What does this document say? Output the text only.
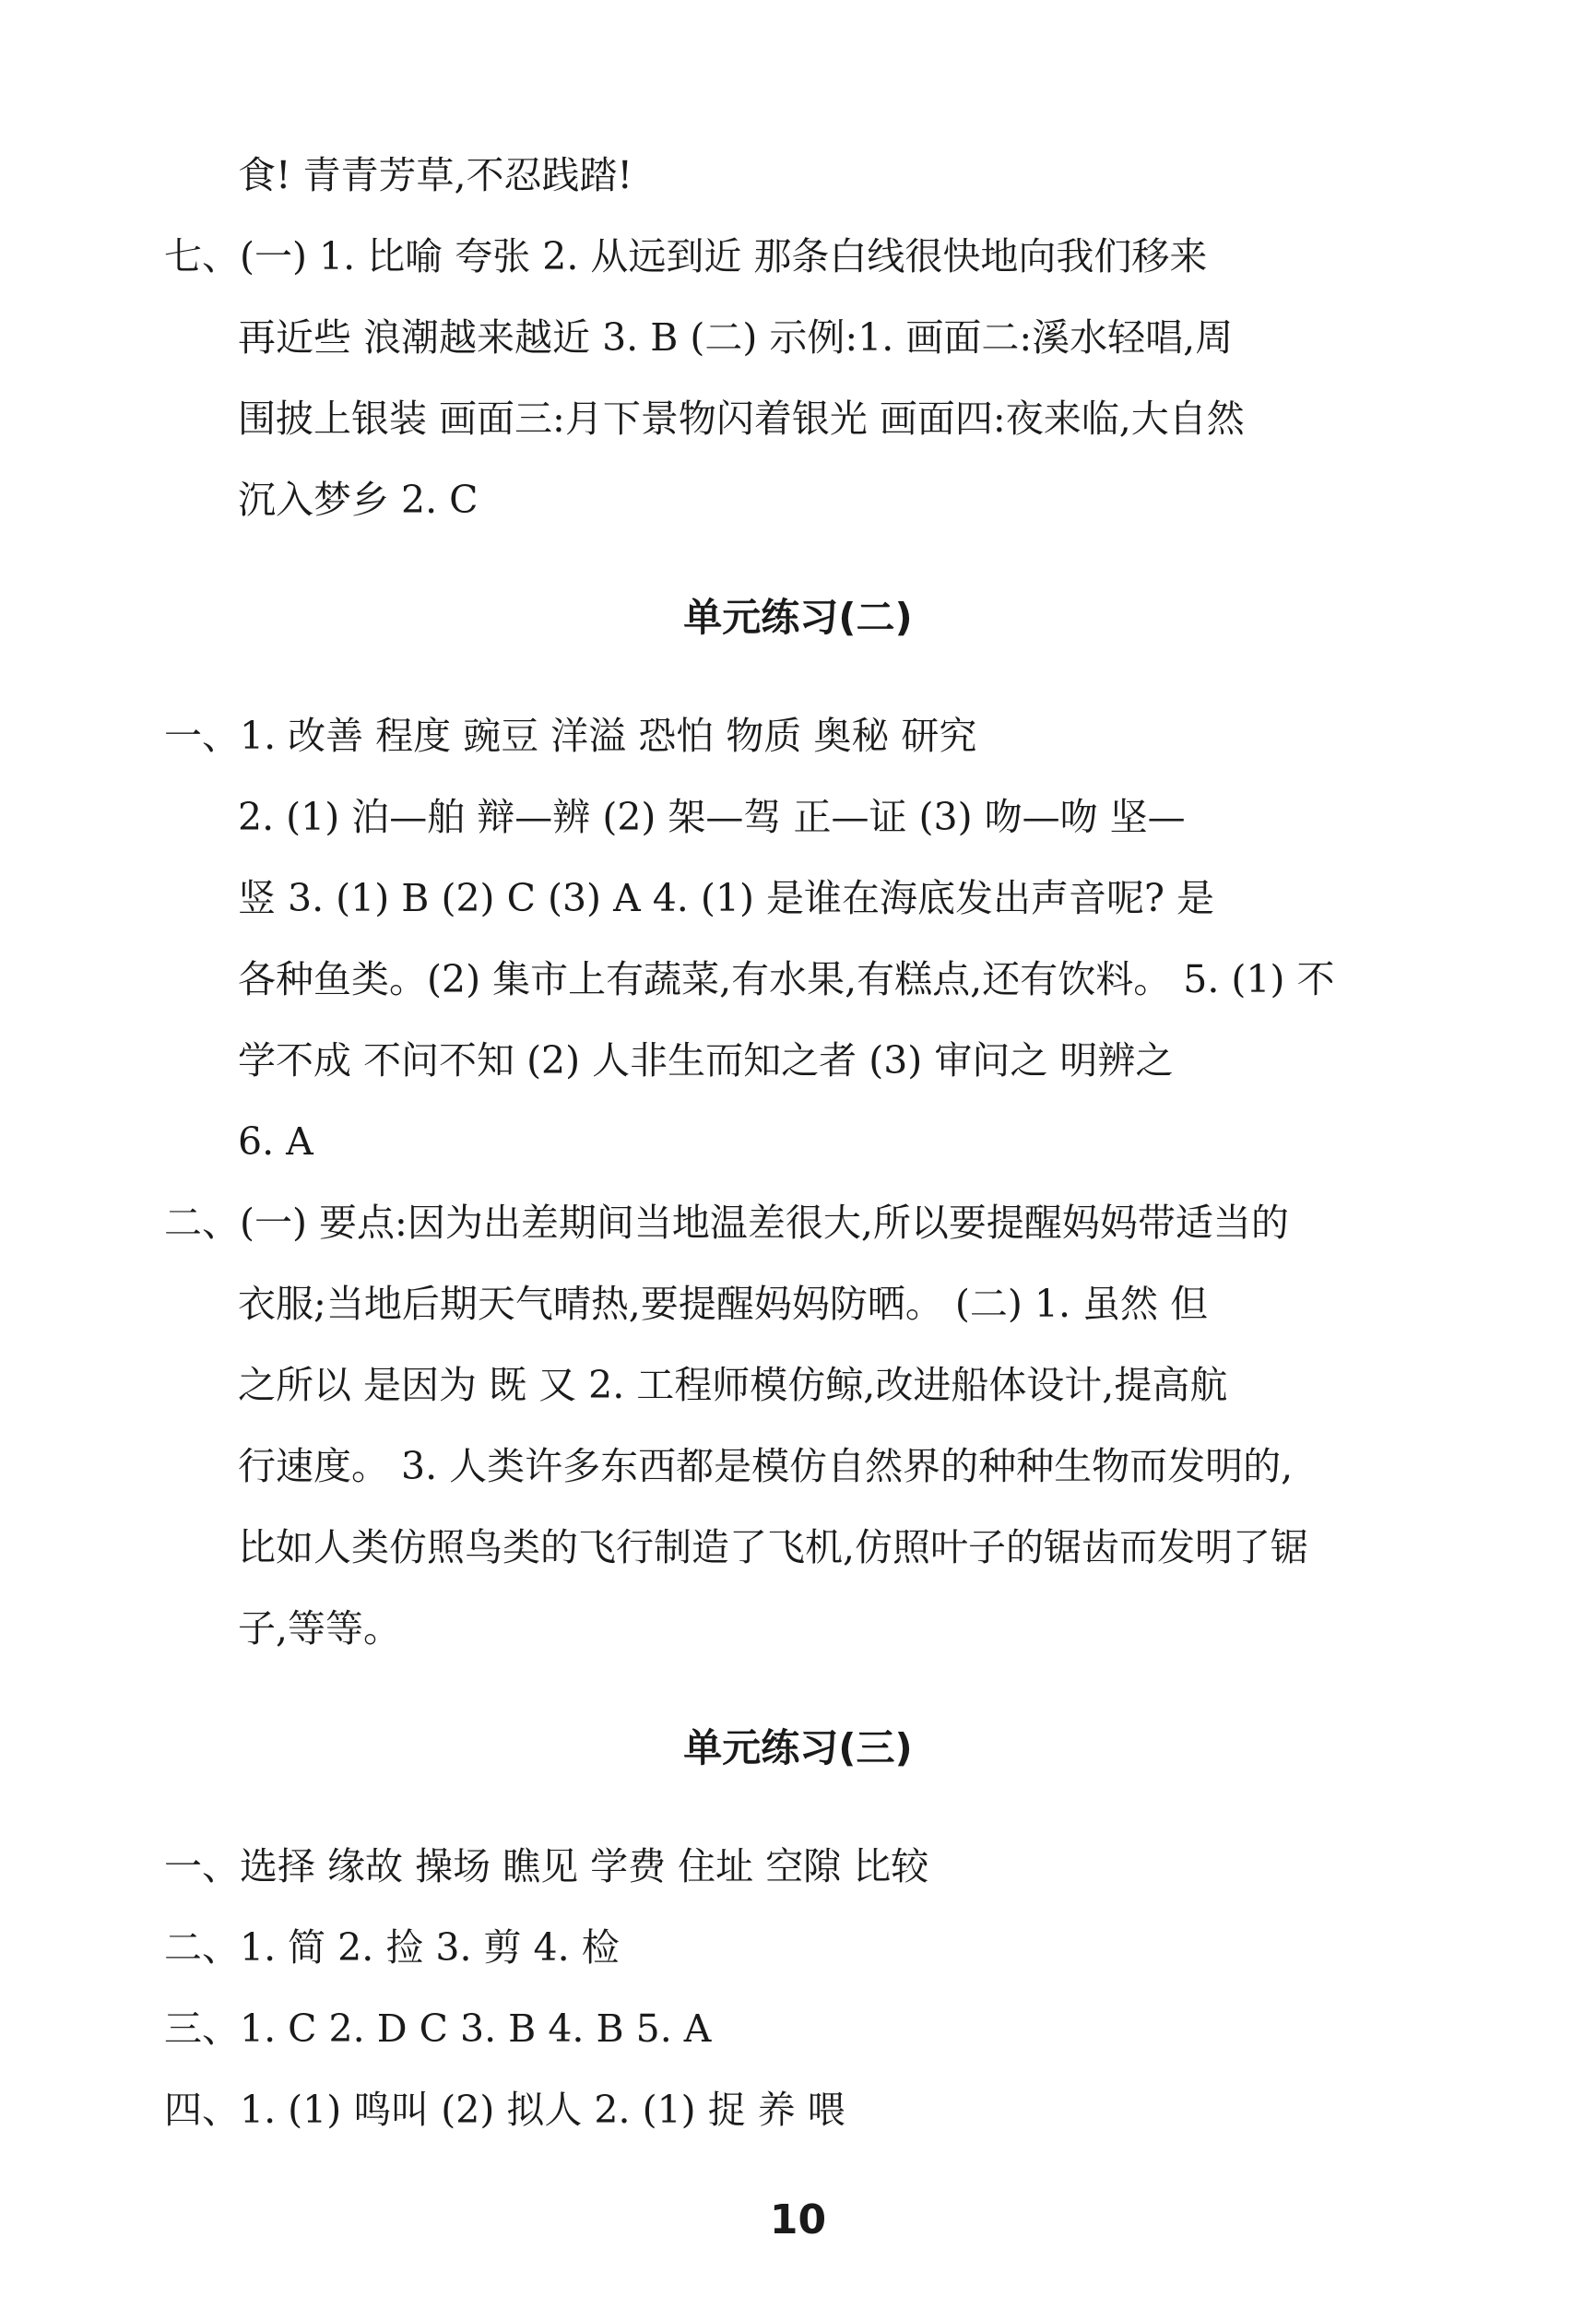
食! 青青芳草,不忍践踏!
七、(一) 1. 比喻 夸张 2. 从远到近 那条白线很快地向我们移来
再近些 浪潮越来越近 3. B (二) 示例:1. 画面二:溪水轻唱,周
围披上银装 画面三:月下景物闪着银光 画面四:夜来临,大自然
沉入梦乡 2. C
单元练习(二)
一、1. 改善 程度 豌豆 洋溢 恐怕 物质 奥秘 研究
2. (1) 泊—舶 辩—辨 (2) 架—驾 正—证 (3) 吻—吻 坚—
竖 3. (1) B (2) C (3) A 4. (1) 是谁在海底发出声音呢? 是
各种鱼类。(2) 集市上有蔬菜,有水果,有糕点,还有饮料。 5. (1) 不
学不成 不问不知 (2) 人非生而知之者 (3) 审问之 明辨之
6. A
二、(一) 要点:因为出差期间当地温差很大,所以要提醒妈妈带适当的
衣服;当地后期天气晴热,要提醒妈妈防晒。 (二) 1. 虽然 但
之所以 是因为 既 又 2. 工程师模仿鲸,改进船体设计,提高航
行速度。 3. 人类许多东西都是模仿自然界的种种生物而发明的,
比如人类仿照鸟类的飞行制造了飞机,仿照叶子的锯齿而发明了锯
子,等等。
单元练习(三)
一、选择 缘故 操场 瞧见 学费 住址 空隙 比较
二、1. 简 2. 捡 3. 剪 4. 检
三、1. C 2. D C 3. B 4. B 5. A
四、1. (1) 鸣叫 (2) 拟人 2. (1) 捉 养 喂
10
